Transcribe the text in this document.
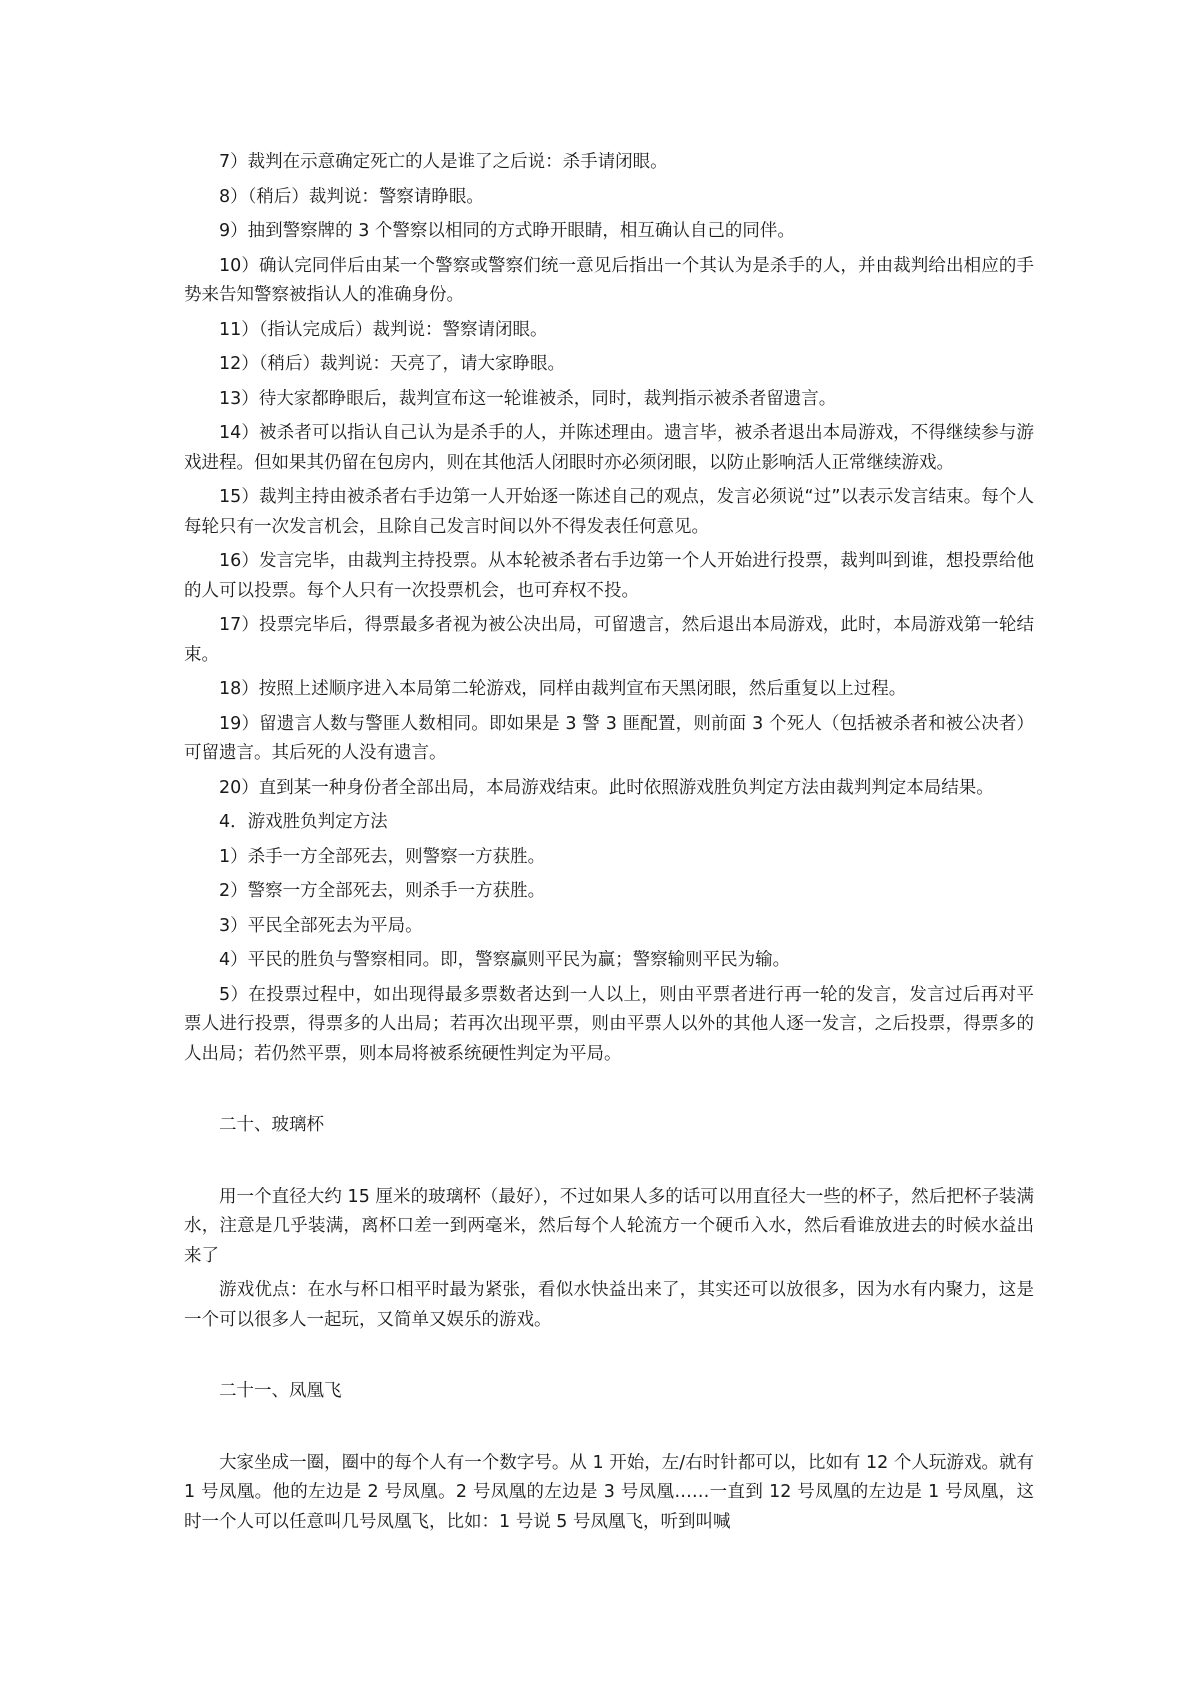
7）裁判在示意确定死亡的人是谁了之后说：杀手请闭眼。

8）（稍后）裁判说：警察请睁眼。

9）抽到警察牌的 3 个警察以相同的方式睁开眼睛，相互确认自己的同伴。

10）确认完同伴后由某一个警察或警察们统一意见后指出一个其认为是杀手的人，并由裁判给出相应的手势来告知警察被指认人的准确身份。

11）（指认完成后）裁判说：警察请闭眼。

12）（稍后）裁判说：天亮了，请大家睁眼。

13）待大家都睁眼后，裁判宣布这一轮谁被杀，同时，裁判指示被杀者留遗言。

14）被杀者可以指认自己认为是杀手的人，并陈述理由。遗言毕，被杀者退出本局游戏，不得继续参与游戏进程。但如果其仍留在包房内，则在其他活人闭眼时亦必须闭眼，以防止影响活人正常继续游戏。

15）裁判主持由被杀者右手边第一人开始逐一陈述自己的观点，发言必须说“过”以表示发言结束。每个人每轮只有一次发言机会，且除自己发言时间以外不得发表任何意见。

16）发言完毕，由裁判主持投票。从本轮被杀者右手边第一个人开始进行投票，裁判叫到谁，想投票给他的人可以投票。每个人只有一次投票机会，也可弃权不投。

17）投票完毕后，得票最多者视为被公决出局，可留遗言，然后退出本局游戏，此时，本局游戏第一轮结束。

18）按照上述顺序进入本局第二轮游戏，同样由裁判宣布天黑闭眼，然后重复以上过程。

19）留遗言人数与警匪人数相同。即如果是 3 警 3 匪配置，则前面 3 个死人（包括被杀者和被公决者）可留遗言。其后死的人没有遗言。

20）直到某一种身份者全部出局，本局游戏结束。此时依照游戏胜负判定方法由裁判判定本局结果。

4．游戏胜负判定方法

1）杀手一方全部死去，则警察一方获胜。

2）警察一方全部死去，则杀手一方获胜。

3）平民全部死去为平局。

4）平民的胜负与警察相同。即，警察赢则平民为赢；警察输则平民为输。

5）在投票过程中，如出现得最多票数者达到一人以上，则由平票者进行再一轮的发言，发言过后再对平票人进行投票，得票多的人出局；若再次出现平票，则由平票人以外的其他人逐一发言，之后投票，得票多的人出局；若仍然平票，则本局将被系统硬性判定为平局。

二十、玻璃杯

用一个直径大约 15 厘米的玻璃杯（最好），不过如果人多的话可以用直径大一些的杯子，然后把杯子装满水，注意是几乎装满，离杯口差一到两毫米，然后每个人轮流方一个硬币入水，然后看谁放进去的时候水益出来了

游戏优点：在水与杯口相平时最为紧张，看似水快益出来了，其实还可以放很多，因为水有内聚力，这是一个可以很多人一起玩，又简单又娱乐的游戏。

二十一、凤凰飞

大家坐成一圈，圈中的每个人有一个数字号。从 1 开始，左/右时针都可以，比如有 12 个人玩游戏。就有 1 号凤凰。他的左边是 2 号凤凰。2 号凤凰的左边是 3 号凤凰……一直到 12 号凤凰的左边是 1 号凤凰，这时一个人可以任意叫几号凤凰飞，比如：1 号说 5 号凤凰飞，听到叫喊
